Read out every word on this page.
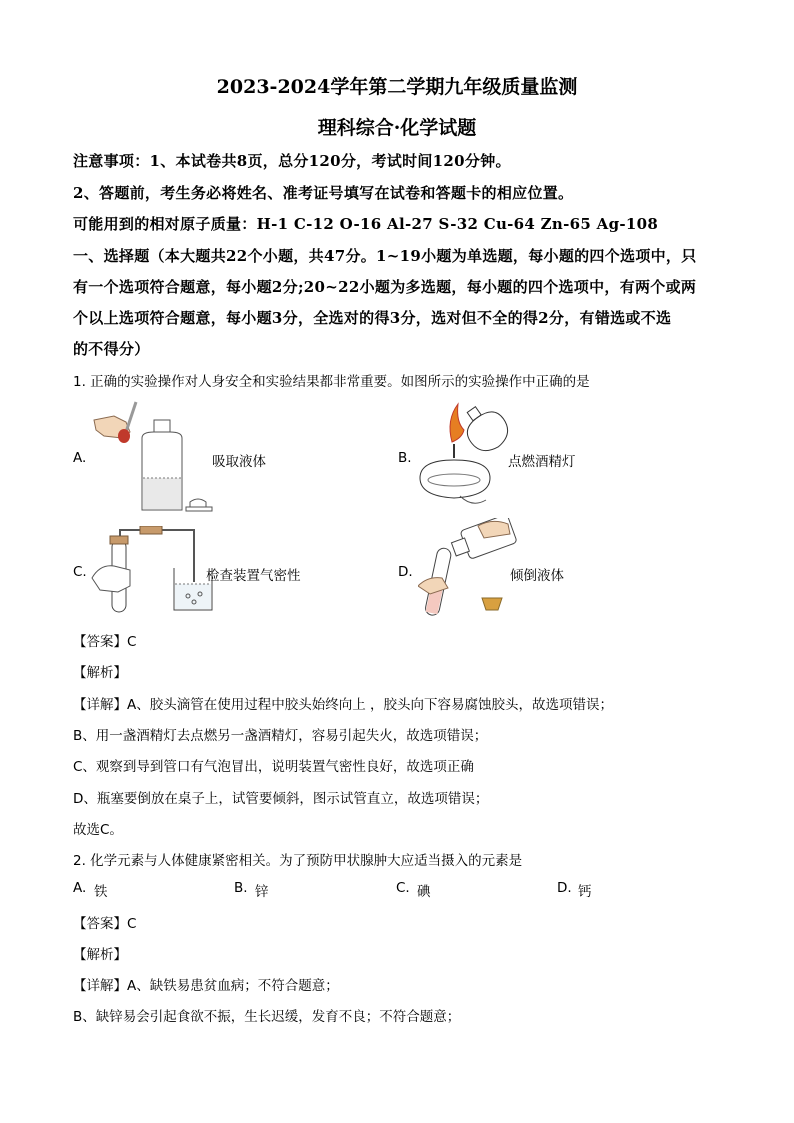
2023-2024学年第二学期九年级质量监测
理科综合·化学试题
注意事项：1、本试卷共8页，总分120分，考试时间120分钟。
2、答题前，考生务必将姓名、准考证号填写在试卷和答题卡的相应位置。
可能用到的相对原子质量：H-1 C-12 O-16 Al-27 S-32 Cu-64 Zn-65 Ag-108
一、选择题（本大题共22个小题，共47分。1~19小题为单选题，每小题的四个选项中，只
有一个选项符合题意，每小题2分;20~22小题为多选题，每小题的四个选项中，有两个或两
个以上选项符合题意，每小题3分，全选对的得3分，选对但不全的得2分，有错选或不选
的不得分）
1. 正确的实验操作对人身安全和实验结果都非常重要。如图所示的实验操作中正确的是
A.	吸取液体	B.	点燃酒精灯
C.	检查装置气密性	D.	倾倒液体
【答案】C
【解析】
【详解】A、胶头滴管在使用过程中胶头始终向上 ，胶头向下容易腐蚀胶头，故选项错误；
B、用一盏酒精灯去点燃另一盏酒精灯，容易引起失火，故选项错误；
C、观察到导到管口有气泡冒出，说明装置气密性良好，故选项正确
D、瓶塞要倒放在桌子上，试管要倾斜，图示试管直立，故选项错误；
故选C。
2. 化学元素与人体健康紧密相关。为了预防甲状腺肿大应适当摄入的元素是
A. 铁	B. 锌	C. 碘	D. 钙
【答案】C
【解析】
【详解】A、缺铁易患贫血病；不符合题意；
B、缺锌易会引起食欲不振，生长迟缓，发育不良；不符合题意；
